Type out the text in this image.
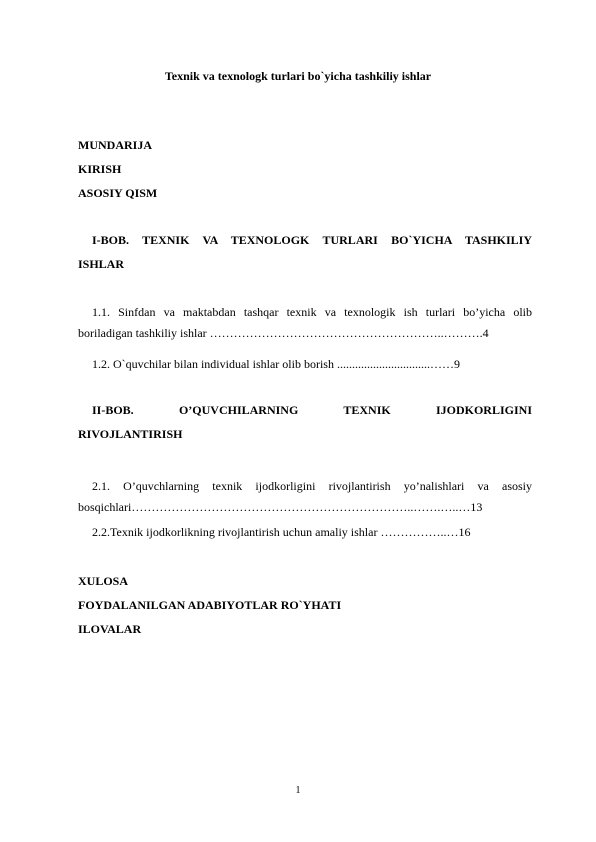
Texnik va texnologk turlari bo`yicha tashkiliy ishlar

MUNDARIJA

KIRISH

ASOSIY QISM

I-BOB. TEXNIK VA TEXNOLOGK TURLARI BO`YICHA TASHKILIY
ISHLAR
1.1. Sinfdan va maktabdan tashqar texnik va texnologik ish turlari bo’yicha olib
boriladigan tashkiliy ishlar …………………………………………………..……….4

1.2. O`quvchilar bilan individual ishlar olib borish ...............................……9

II-BOB. O’QUVCHILARNING TEXNIK IJODKORLIGINI
RIVOJLANTIRISH
2.1. O’quvchlarning texnik ijodkorligini rivojlantirish yo’nalishlari va asosiy
bosqichlari……………………………………………………………..…….…..…13

2.2.Texnik ijodkorlikning rivojlantirish uchun amaliy ishlar ……………..…16

XULOSA

FOYDALANILGAN ADABIYOTLAR RO`YHATI

ILOVALAR

1
